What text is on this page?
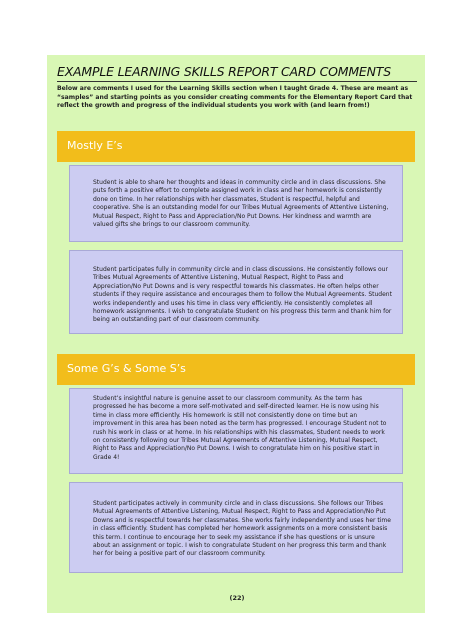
EXAMPLE LEARNING SKILLS REPORT CARD COMMENTS
Below are comments I used for the Learning Skills section when I taught Grade 4. These are meant as “samples” and starting points as you consider creating comments for the Elementary Report Card that reflect the growth and progress of the individual students you work with (and learn from!)
Mostly E’s
Student is able to share her thoughts and ideas in community circle and in class discussions. She puts forth a positive effort to complete assigned work in class and her homework is consistently done on time. In her relationships with her classmates, Student is respectful, helpful and cooperative. She is an outstanding model for our Tribes Mutual Agreements of Attentive Listening, Mutual Respect, Right to Pass and Appreciation/No Put Downs. Her kindness and warmth are valued gifts she brings to our classroom community.
Student participates fully in community circle and in class discussions. He consistently follows our Tribes Mutual Agreements of Attentive Listening, Mutual Respect, Right to Pass and Appreciation/No Put Downs and is very respectful towards his classmates. He often helps other students if they require assistance and encourages them to follow the Mutual Agreements. Student works independently and uses his time in class very efficiently. He consistently completes all homework assignments. I wish to congratulate Student on his progress this term and thank him for being an outstanding part of our classroom community.
Some G’s & Some S’s
Student’s insightful nature is genuine asset to our classroom community. As the term has progressed he has become a more self-motivated and self-directed learner. He is now using his time in class more efficiently. His homework is still not consistently done on time but an improvement in this area has been noted as the term has progressed. I encourage Student not to rush his work in class or at home. In his relationships with his classmates, Student needs to work on consistently following our Tribes Mutual Agreements of Attentive Listening, Mutual Respect, Right to Pass and Appreciation/No Put Downs. I wish to congratulate him on his positive start in Grade 4!
Student participates actively in community circle and in class discussions. She follows our Tribes Mutual Agreements of Attentive Listening, Mutual Respect, Right to Pass and Appreciation/No Put Downs and is respectful towards her classmates. She works fairly independently and uses her time in class efficiently. Student has completed her homework assignments on a more consistent basis this term. I continue to encourage her to seek my assistance if she has questions or is unsure about an assignment or topic. I wish to congratulate Student on her progress this term and thank her for being a positive part of our classroom community.
(22)
